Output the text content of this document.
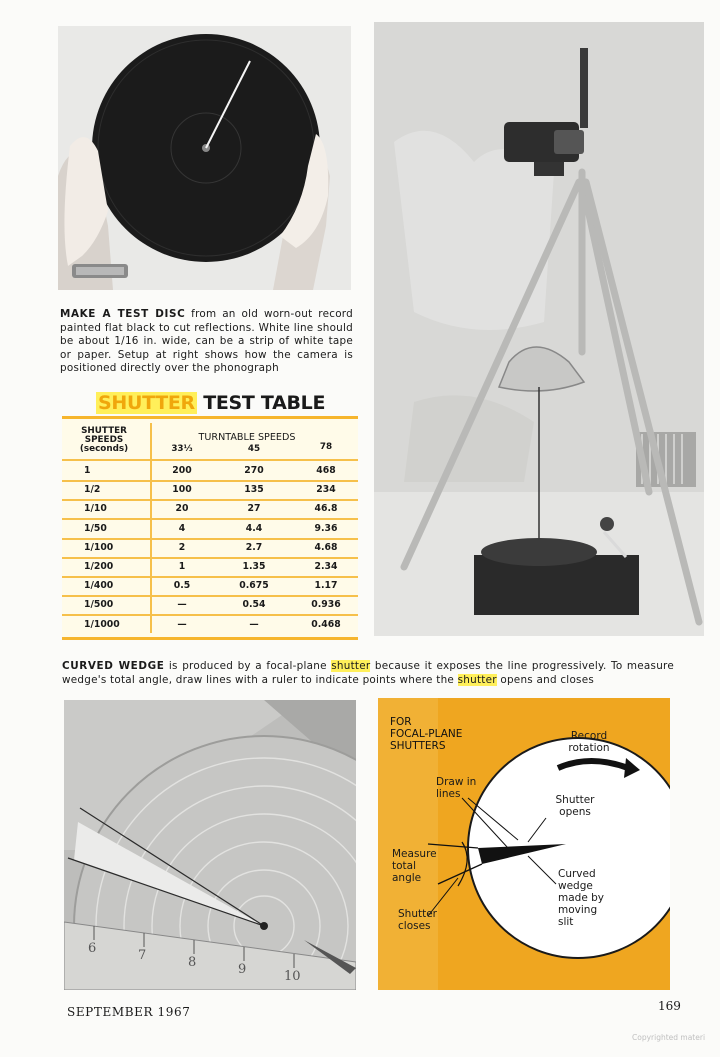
MAKE A TEST DISC from an old worn-out record painted flat black to cut reflections. White line should be about 1/16 in. wide, can be a strip of white tape or paper. Setup at right shows how the camera is positioned directly over the phonograph
SHUTTER TEST TABLE
SHUTTER
SPEEDS
(seconds)
TURNTABLE SPEEDS
33⅓	45	78
1	200	270	468
1/2	100	135	234
1/10	20	27	46.8
1/50	4	4.4	9.36
1/100	2	2.7	4.68
1/200	1	1.35	2.34
1/400	0.5	0.675	1.17
1/500	—	0.54	0.936
1/1000	—	—	0.468
CURVED WEDGE is produced by a focal-plane shutter because it exposes the line progressively. To measure wedge's total angle, draw lines with a ruler to indicate points where the shutter opens and closes
6	7	8	9	10
FOR
FOCAL-PLANE
SHUTTERS
Record
rotation
Draw in
lines	Shutter
opens
Measure
total
angle	Curved
wedge
made by
moving
slit
Shutter
closes
SEPTEMBER 1967	169
Copyrighted materi
